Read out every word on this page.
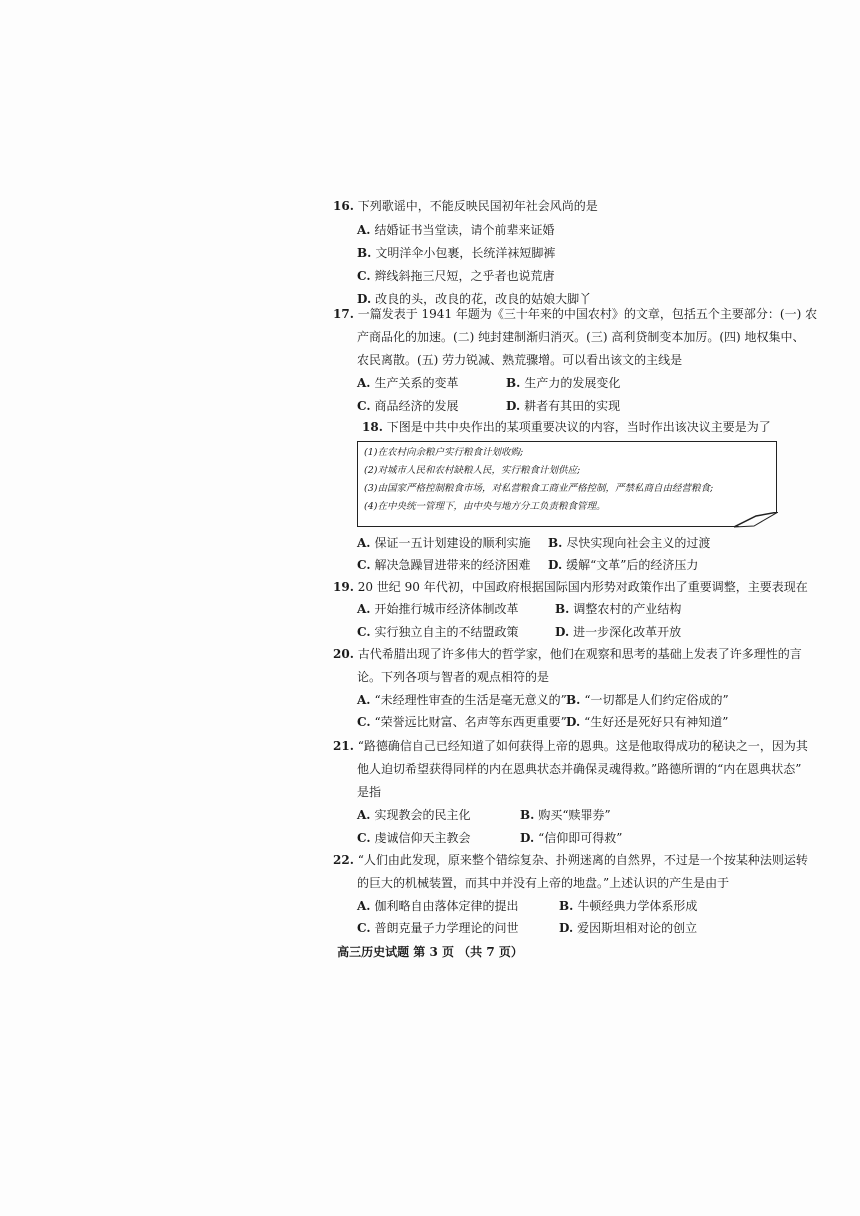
16. 下列歌谣中，不能反映民国初年社会风尚的是
A. 结婚证书当堂读，请个前辈来证婚
B. 文明洋伞小包裹，长统洋袜短脚裤
C. 辫线斜拖三尺短，之乎者也说荒唐
D. 改良的头，改良的花，改良的姑娘大脚丫
17. 一篇发表于 1941 年题为《三十年来的中国农村》的文章，包括五个主要部分：(一) 农
产商品化的加速。(二) 纯封建制渐归消灭。(三) 高利贷制变本加厉。(四) 地权集中、
农民离散。(五) 劳力锐减、熟荒骤增。可以看出该文的主线是
A. 生产关系的变革	B. 生产力的发展变化
C. 商品经济的发展	D. 耕者有其田的实现
18. 下图是中共中央作出的某项重要决议的内容，当时作出该决议主要是为了
(1)在农村向余粮户实行粮食计划收购;
(2)对城市人民和农村缺粮人民，实行粮食计划供应;
(3)由国家严格控制粮食市场，对私营粮食工商业严格控制，严禁私商自由经营粮食;
(4)在中央统一管理下，由中央与地方分工负责粮食管理。
A. 保证一五计划建设的顺利实施 B. 尽快实现向社会主义的过渡
C. 解决急躁冒进带来的经济困难 D. 缓解“文革”后的经济压力
19. 20 世纪 90 年代初，中国政府根据国际国内形势对政策作出了重要调整，主要表现在
A. 开始推行城市经济体制改革	B. 调整农村的产业结构
C. 实行独立自主的不结盟政策	D. 进一步深化改革开放
20. 古代希腊出现了许多伟大的哲学家，他们在观察和思考的基础上发表了许多理性的言
论。下列各项与智者的观点相符的是
A. “未经理性审查的生活是毫无意义的” B. “一切都是人们约定俗成的”
C. “荣誉远比财富、名声等东西更重要” D. “生好还是死好只有神知道”
21. “路德确信自己已经知道了如何获得上帝的恩典。这是他取得成功的秘诀之一，因为其
他人迫切希望获得同样的内在恩典状态并确保灵魂得救。”路德所谓的“内在恩典状态”
是指
A. 实现教会的民主化	B. 购买“赎罪券”
C. 虔诚信仰天主教会	D. “信仰即可得救”
22. “人们由此发现，原来整个错综复杂、扑朔迷离的自然界，不过是一个按某种法则运转
的巨大的机械装置，而其中并没有上帝的地盘。”上述认识的产生是由于
A. 伽利略自由落体定律的提出	B. 牛顿经典力学体系形成
C. 普朗克量子力学理论的问世	D. 爱因斯坦相对论的创立
高三历史试题 第 3 页 （共 7 页）
